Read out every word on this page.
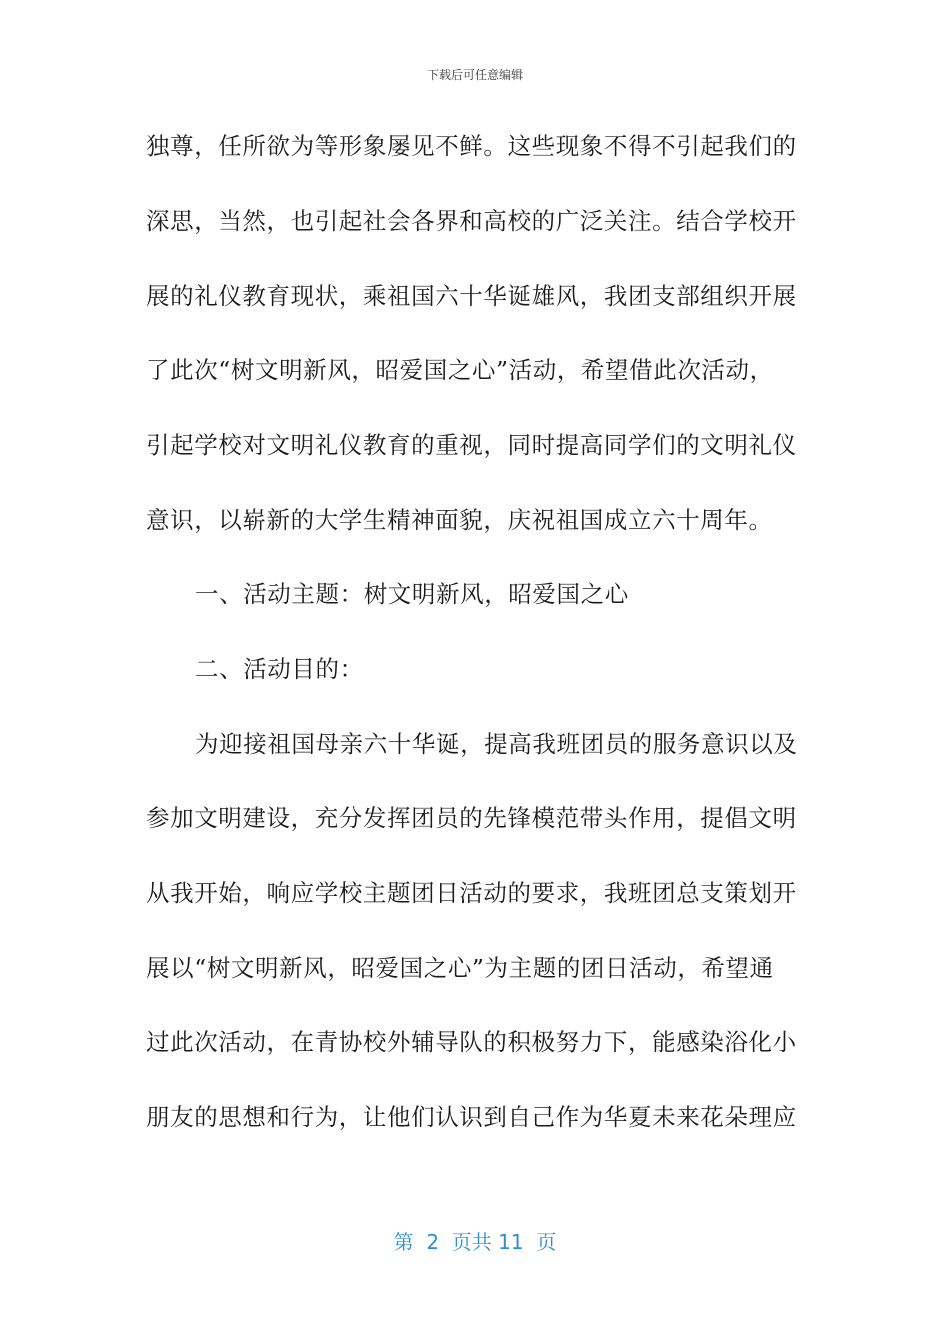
下载后可任意编辑
独尊，任所欲为等形象屡见不鲜。这些现象不得不引起我们的
深思，当然，也引起社会各界和高校的广泛关注。结合学校开
展的礼仪教育现状，乘祖国六十华诞雄风，我团支部组织开展
了此次“树文明新风，昭爱国之心”活动，希望借此次活动，
引起学校对文明礼仪教育的重视，同时提高同学们的文明礼仪
意识，以崭新的大学生精神面貌，庆祝祖国成立六十周年。
一、活动主题：树文明新风，昭爱国之心
二、活动目的：
为迎接祖国母亲六十华诞，提高我班团员的服务意识以及
参加文明建设，充分发挥团员的先锋模范带头作用，提倡文明
从我开始，响应学校主题团日活动的要求，我班团总支策划开
展以“树文明新风，昭爱国之心”为主题的团日活动，希望通
过此次活动，在青协校外辅导队的积极努力下，能感染浴化小
朋友的思想和行为，让他们认识到自己作为华夏未来花朵理应
第  2  页共 11  页
